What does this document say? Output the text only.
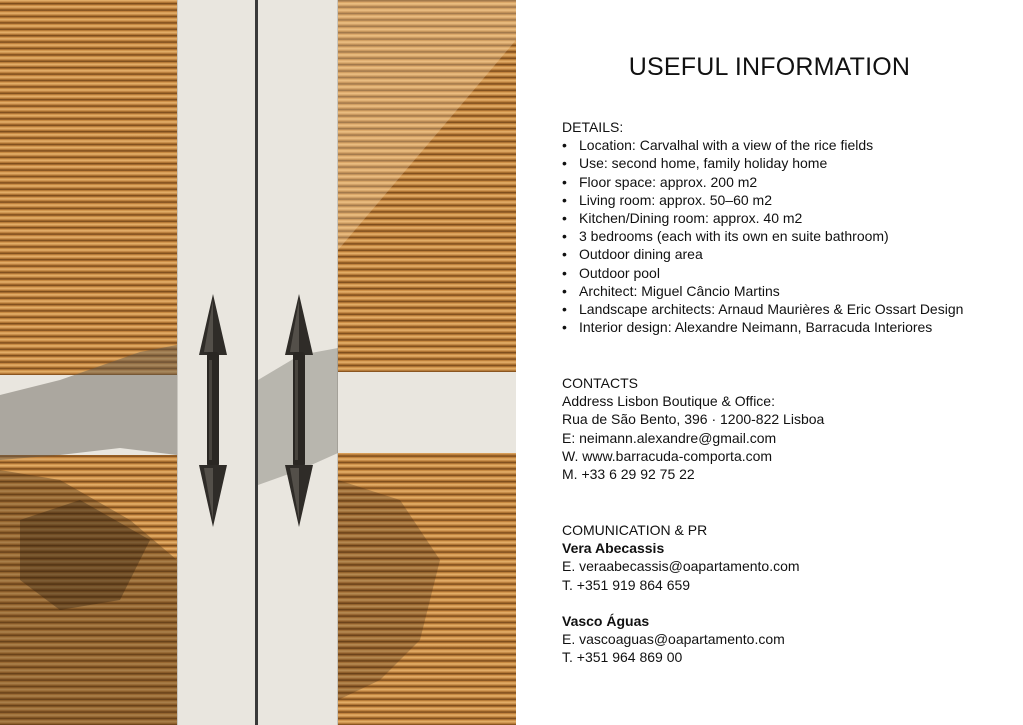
USEFUL INFORMATION

DETAILS:

• Location: Carvalhal with a view of the rice fields
• Use: second home, family holiday home
• Floor space: approx. 200 m2
• Living room: approx. 50–60 m2
• Kitchen/Dining room: approx. 40 m2
• 3 bedrooms (each with its own en suite bathroom)
• Outdoor dining area
• Outdoor pool
• Architect: Miguel Câncio Martins
• Landscape architects: Arnaud Maurières & Eric Ossart Design
• Interior design: Alexandre Neimann, Barracuda Interiores

CONTACTS

Address Lisbon Boutique & Office:

Rua de São Bento, 396 · 1200-822 Lisboa

E: neimann.alexandre@gmail.com

W. www.barracuda-comporta.com

M. +33 6 29 92 75 22

COMUNICATION & PR

Vera Abecassis

E. veraabecassis@oapartamento.com

T. +351 919 864 659

Vasco Águas

E. vascoaguas@oapartamento.com

T. +351 964 869 00
